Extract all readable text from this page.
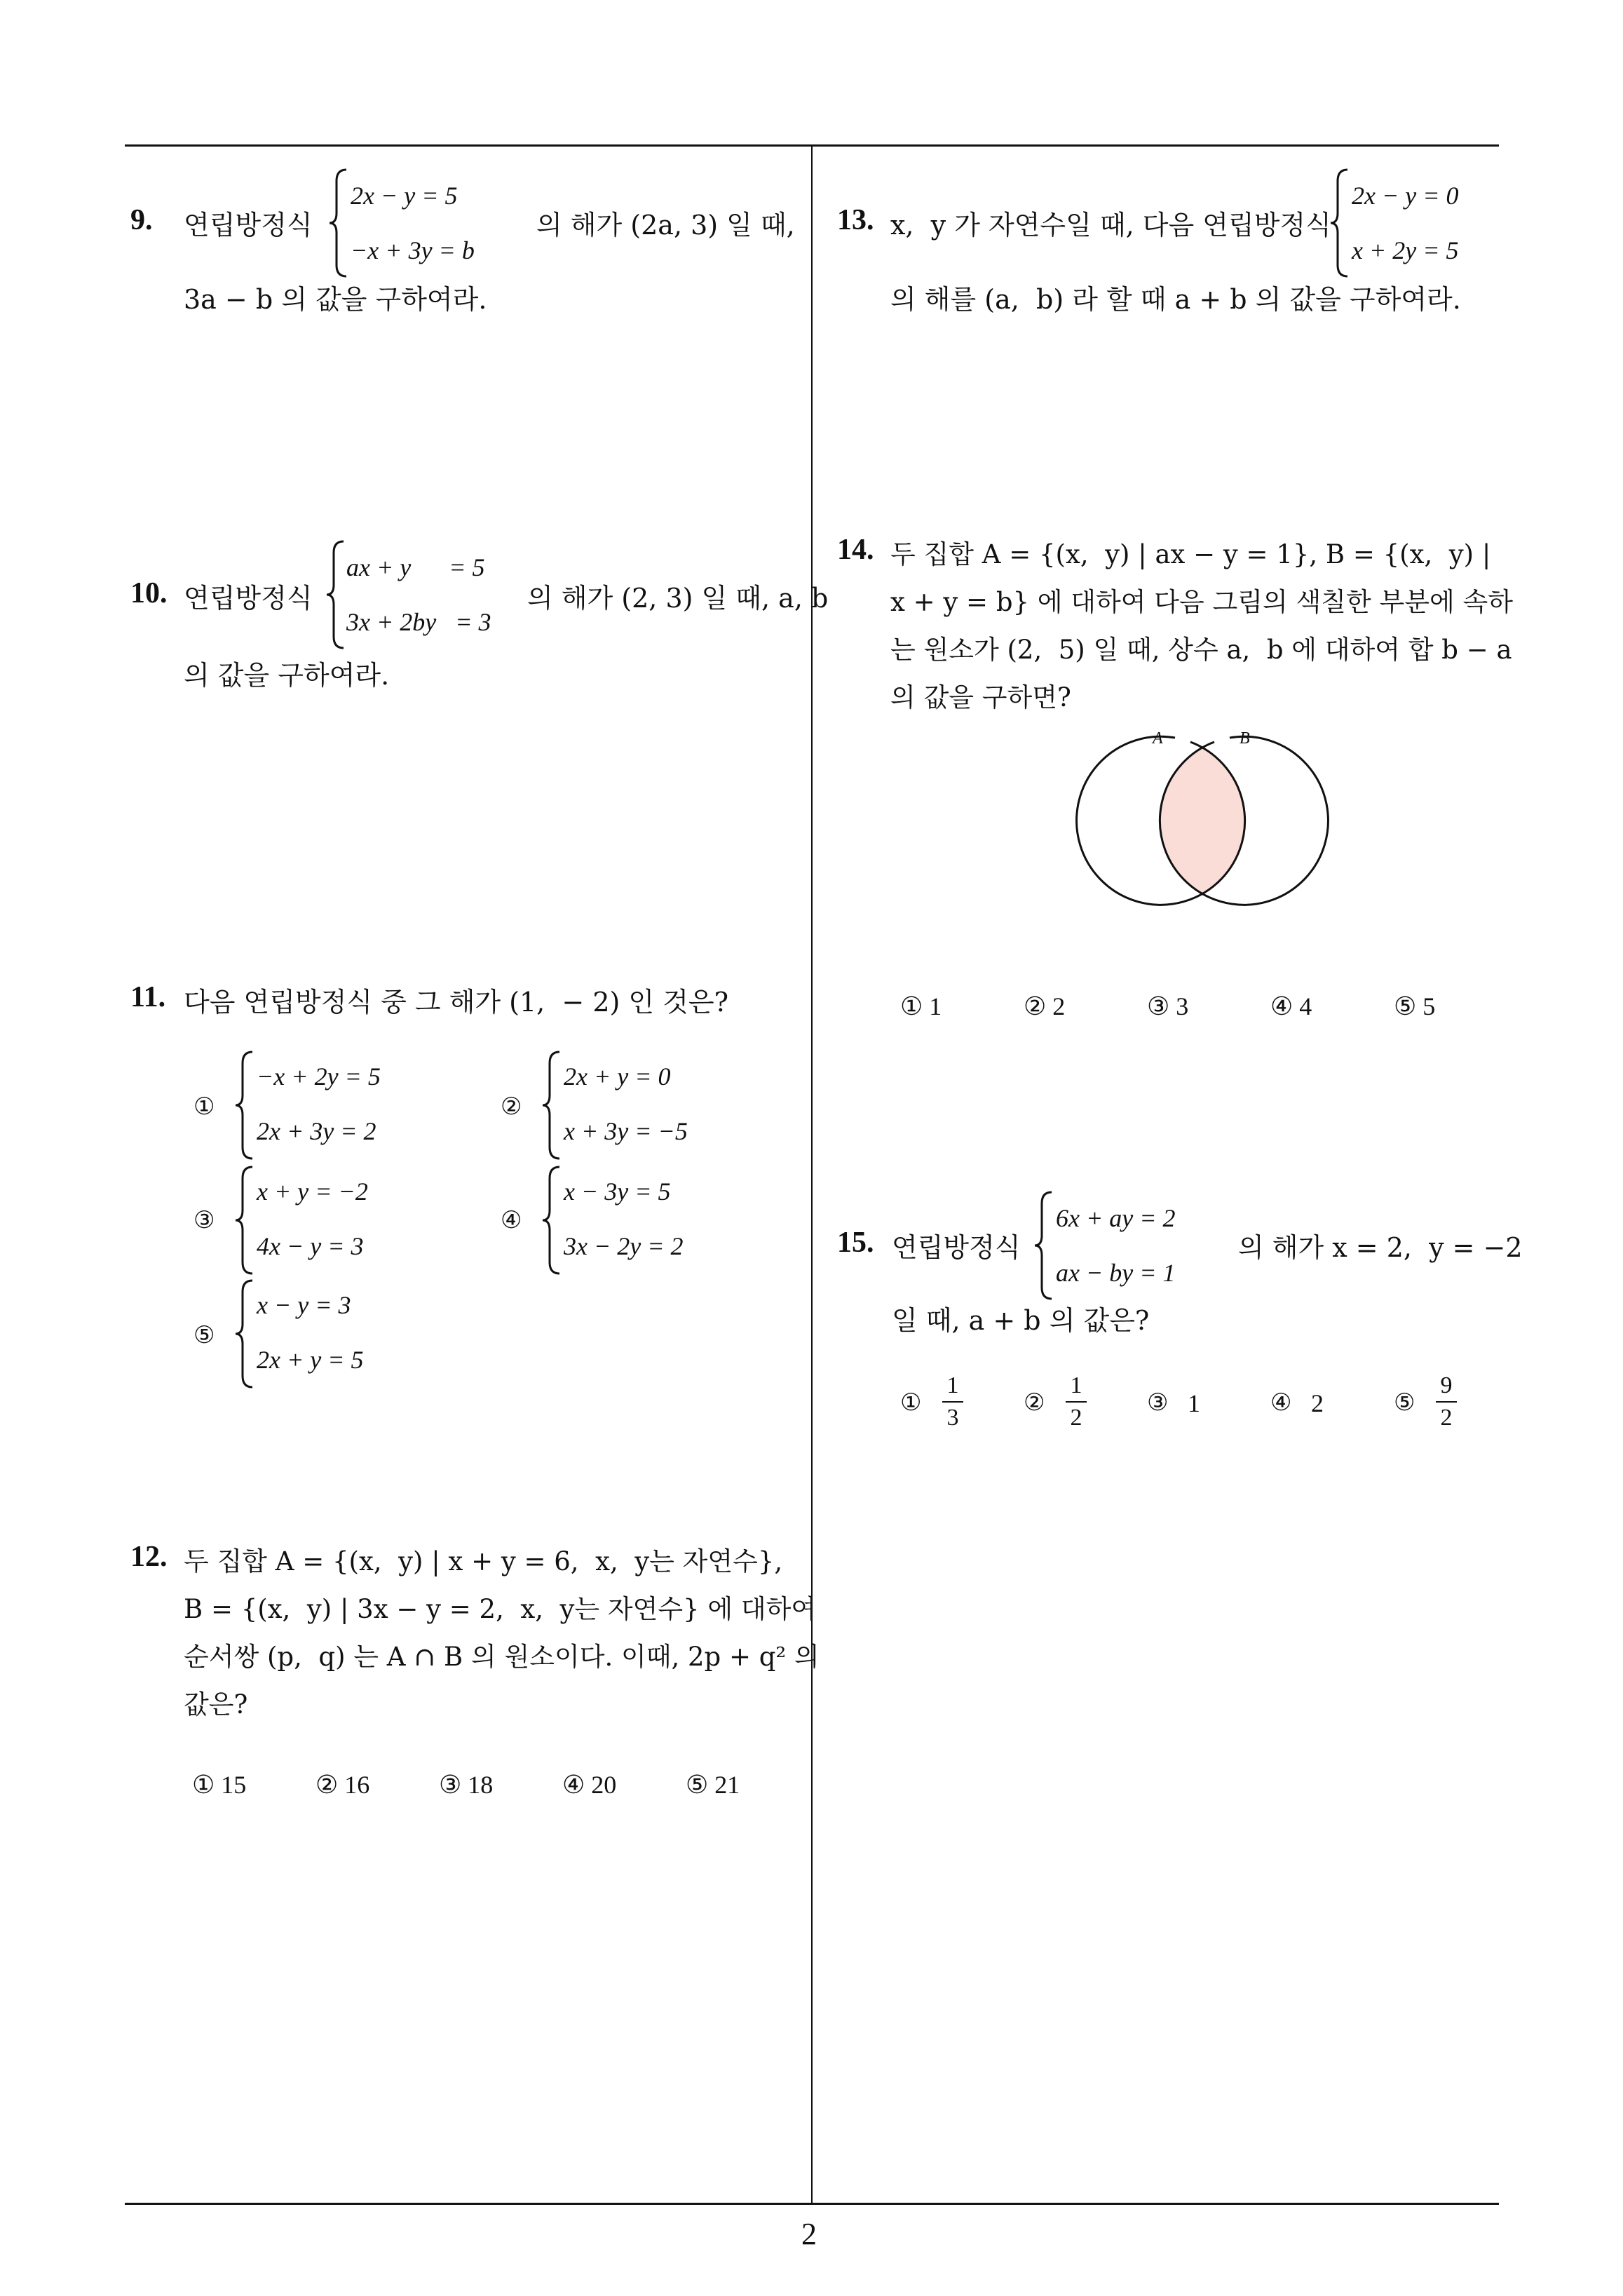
2
9. 연립방정식
2x − y = 5
−x + 3y = b
의 해가 (2a, 3) 일 때,
3a − b 의 값을 구하여라.
10. 연립방정식
ax + y      = 5
3x + 2by   = 3
의 해가 (2, 3) 일 때, a, b
의 값을 구하여라.
11. 다음 연립방정식 중 그 해가 (1,  − 2) 인 것은?
①
−x + 2y = 5
2x + 3y = 2
②
2x + y = 0
x + 3y = −5
③
x + y = −2
4x − y = 3
④
x − 3y = 5
3x − 2y = 2
⑤
x − y = 3
2x + y = 5
12. 두 집합 A = {(x,  y) | x + y = 6,  x,  y는 자연수},
B = {(x,  y) | 3x − y = 2,  x,  y는 자연수} 에 대하여
순서쌍 (p,  q) 는 A ∩ B 의 원소이다. 이때, 2p + q² 의
값은?
① 15	② 16	③ 18	④ 20	⑤ 21
13. x,  y 가 자연수일 때, 다음 연립방정식
2x − y = 0
x + 2y = 5
의 해를 (a,  b) 라 할 때 a + b 의 값을 구하여라.
14. 두 집합 A = {(x,  y) | ax − y = 1}, B = {(x,  y) |
x + y = b} 에 대하여 다음 그림의 색칠한 부분에 속하
는 원소가 (2,  5) 일 때, 상수 a,  b 에 대하여 합 b − a
의 값을 구하면?
A	B
① 1	② 2	③ 3	④ 4	⑤ 5
15. 연립방정식
6x + ay = 2
ax − by = 1
의 해가 x = 2,  y = −2
일 때, a + b 의 값은?
①
1
3
②
1
2
③ 1	④ 2	⑤
9
2
